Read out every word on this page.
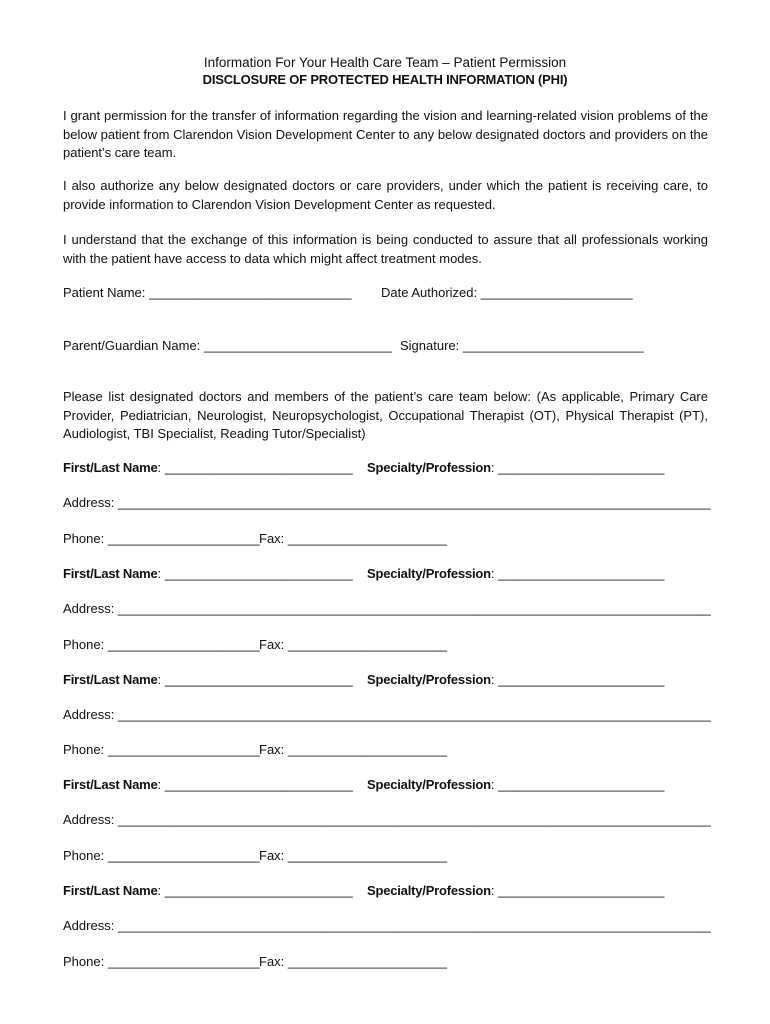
Information For Your Health Care Team – Patient Permission
DISCLOSURE OF PROTECTED HEALTH INFORMATION (PHI)
I grant permission for the transfer of information regarding the vision and learning-related vision problems of the below patient from Clarendon Vision Development Center to any below designated doctors and providers on the patient’s care team.
I also authorize any below designated doctors or care providers, under which the patient is receiving care, to provide information to Clarendon Vision Development Center as requested.
I understand that the exchange of this information is being conducted to assure that all professionals working with the patient have access to data which might affect treatment modes.
Patient Name: ____________________________ Date Authorized: _____________________
Parent/Guardian Name: __________________________ Signature: _________________________
Please list designated doctors and members of the patient’s care team below: (As applicable, Primary Care Provider, Pediatrician, Neurologist, Neuropsychologist, Occupational Therapist (OT), Physical Therapist (PT), Audiologist, TBI Specialist, Reading Tutor/Specialist)
First/Last Name: __________________________ Specialty/Profession: _______________________
Address: __________________________________________________________________________________
Phone: _____________________ Fax: ______________________
First/Last Name: __________________________ Specialty/Profession: _______________________
Address: __________________________________________________________________________________
Phone: _____________________ Fax: ______________________
First/Last Name: __________________________ Specialty/Profession: _______________________
Address: __________________________________________________________________________________
Phone: _____________________ Fax: ______________________
First/Last Name: __________________________ Specialty/Profession: _______________________
Address: __________________________________________________________________________________
Phone: _____________________ Fax: ______________________
First/Last Name: __________________________ Specialty/Profession: _______________________
Address: __________________________________________________________________________________
Phone: _____________________ Fax: ______________________
